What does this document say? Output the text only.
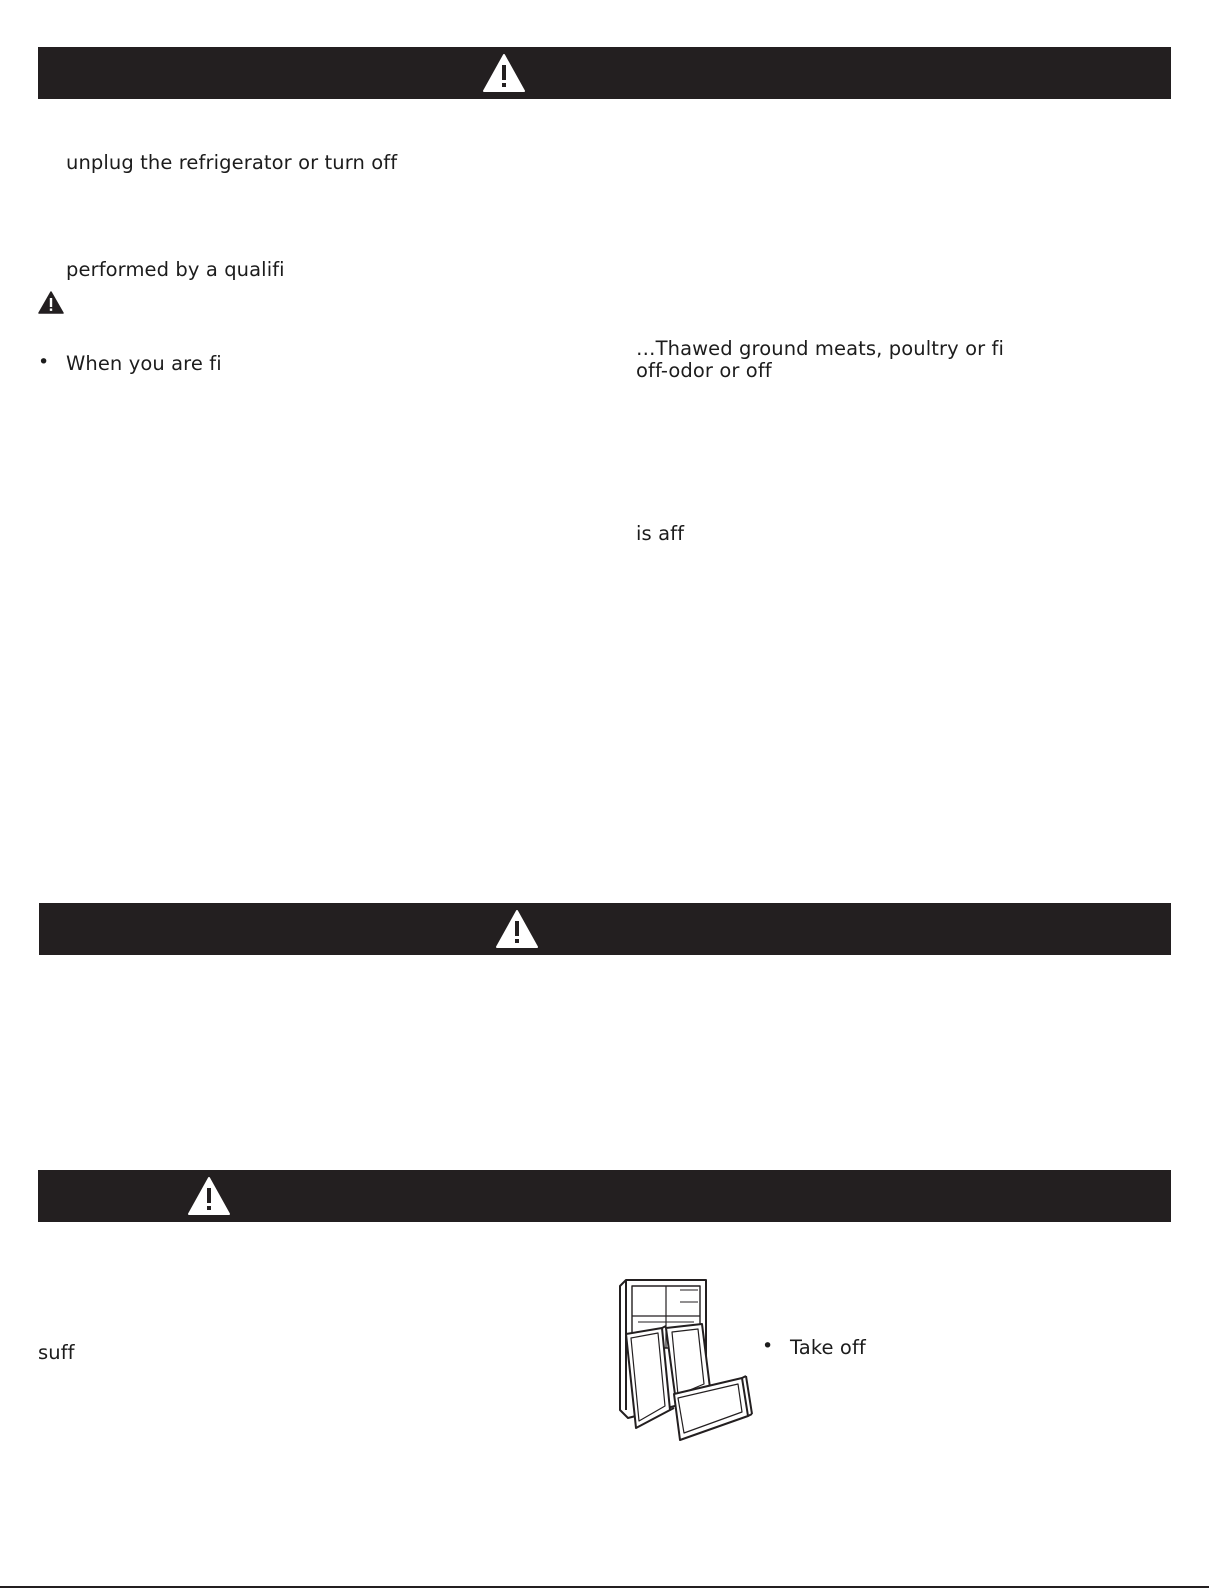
unplug the refrigerator or turn off
performed by a qualifi
• When you are fi
…Thawed ground meats, poultry or fi
off-odor or off
is aff
suff	• Take off
